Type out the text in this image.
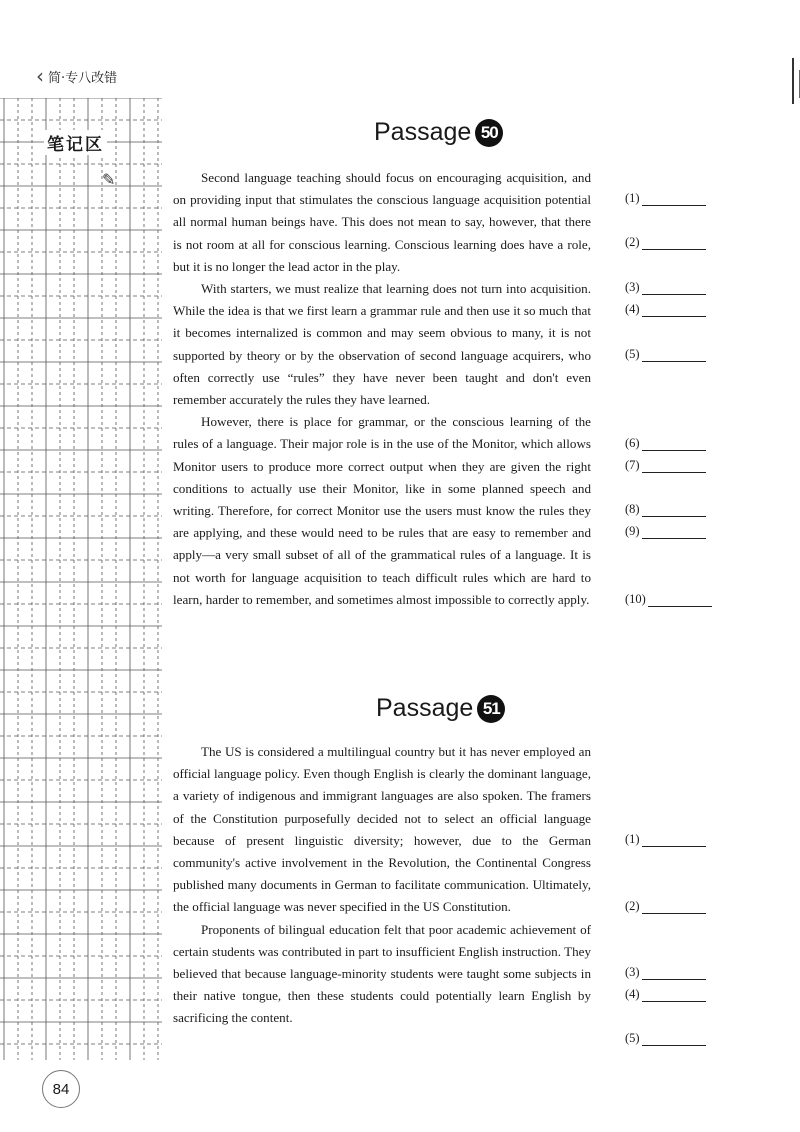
‹ 简·专八改错
笔记区
✎
Passage 50

Second language teaching should focus on encouraging acquisition, and on providing input that stimulates the conscious language acquisition potential all normal human beings have. This does not mean to say, however, that there is not room at all for conscious learning. Conscious learning does have a role, but it is no longer the lead actor in the play.

With starters, we must realize that learning does not turn into acquisition. While the idea is that we first learn a grammar rule and then use it so much that it becomes internalized is common and may seem obvious to many, it is not supported by theory or by the observation of second language acquirers, who often correctly use “rules” they have never been taught and don't even remember accurately the rules they have learned.

However, there is place for grammar, or the conscious learning of the rules of a language. Their major role is in the use of the Monitor, which allows Monitor users to produce more correct output when they are given the right conditions to actually use their Monitor, like in some planned speech and writing. Therefore, for correct Monitor use the users must know the rules they are applying, and these would need to be rules that are easy to remember and apply—a very small subset of all of the grammatical rules of a language. It is not worth for language acquisition to teach difficult rules which are hard to learn, harder to remember, and sometimes almost impossible to correctly apply.

(1)
(2)
(3)
(4)
(5)
(6)
(7)
(8)
(9)
(10)
Passage 51

The US is considered a multilingual country but it has never employed an official language policy. Even though English is clearly the dominant language, a variety of indigenous and immigrant languages are also spoken. The framers of the Constitution purposefully decided not to select an official language because of present linguistic diversity; however, due to the German community's active involvement in the Revolution, the Continental Congress published many documents in German to facilitate communication. Ultimately, the official language was never specified in the US Constitution.

Proponents of bilingual education felt that poor academic achievement of certain students was contributed in part to insufficient English instruction. They believed that because language-minority students were taught some subjects in their native tongue, then these students could potentially learn English by sacrificing the content.

(1)
(2)
(3)
(4)
(5)
84
